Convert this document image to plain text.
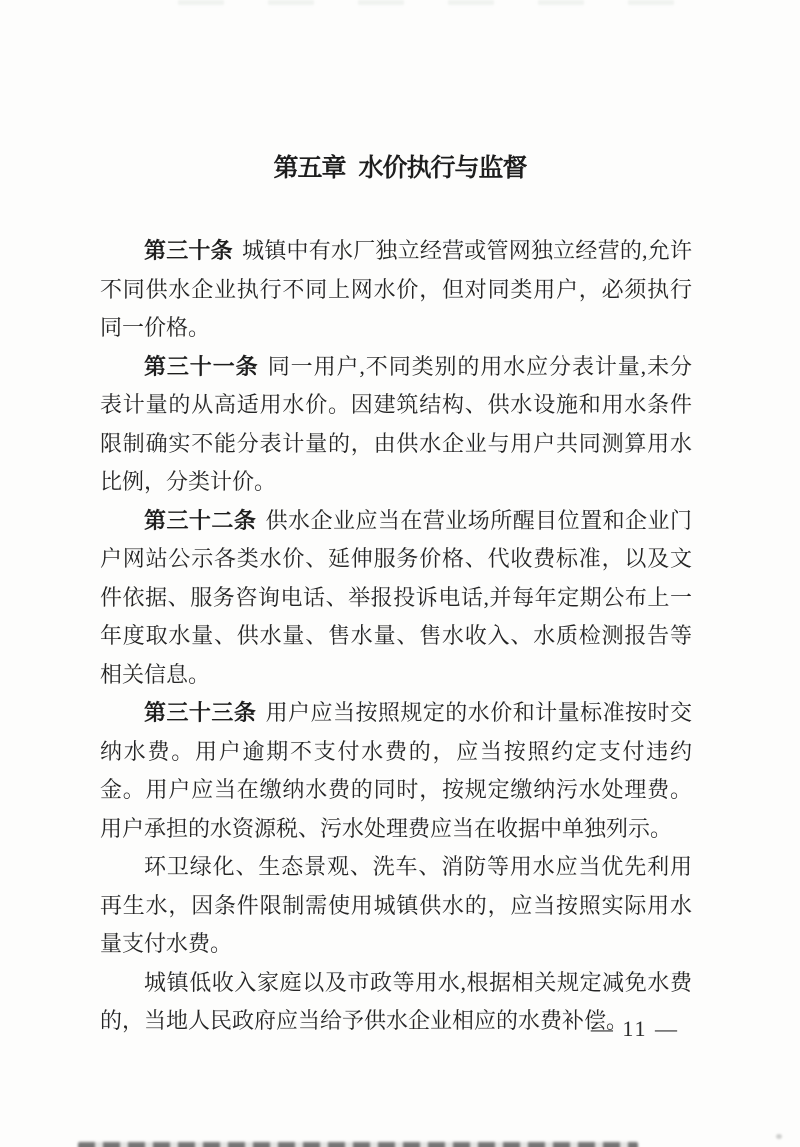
第五章 水价执行与监督

第三十条 城镇中有水厂独立经营或管网独立经营的,允许不同供水企业执行不同上网水价，但对同类用户，必须执行同一价格。

第三十一条 同一用户,不同类别的用水应分表计量,未分表计量的从高适用水价。因建筑结构、供水设施和用水条件限制确实不能分表计量的，由供水企业与用户共同测算用水比例，分类计价。

第三十二条 供水企业应当在营业场所醒目位置和企业门户网站公示各类水价、延伸服务价格、代收费标准，以及文件依据、服务咨询电话、举报投诉电话,并每年定期公布上一年度取水量、供水量、售水量、售水收入、水质检测报告等相关信息。

第三十三条 用户应当按照规定的水价和计量标准按时交纳水费。用户逾期不支付水费的，应当按照约定支付违约金。用户应当在缴纳水费的同时，按规定缴纳污水处理费。用户承担的水资源税、污水处理费应当在收据中单独列示。

环卫绿化、生态景观、洗车、消防等用水应当优先利用再生水，因条件限制需使用城镇供水的，应当按照实际用水量支付水费。

城镇低收入家庭以及市政等用水,根据相关规定减免水费的，当地人民政府应当给予供水企业相应的水费补偿。

— 11 —
